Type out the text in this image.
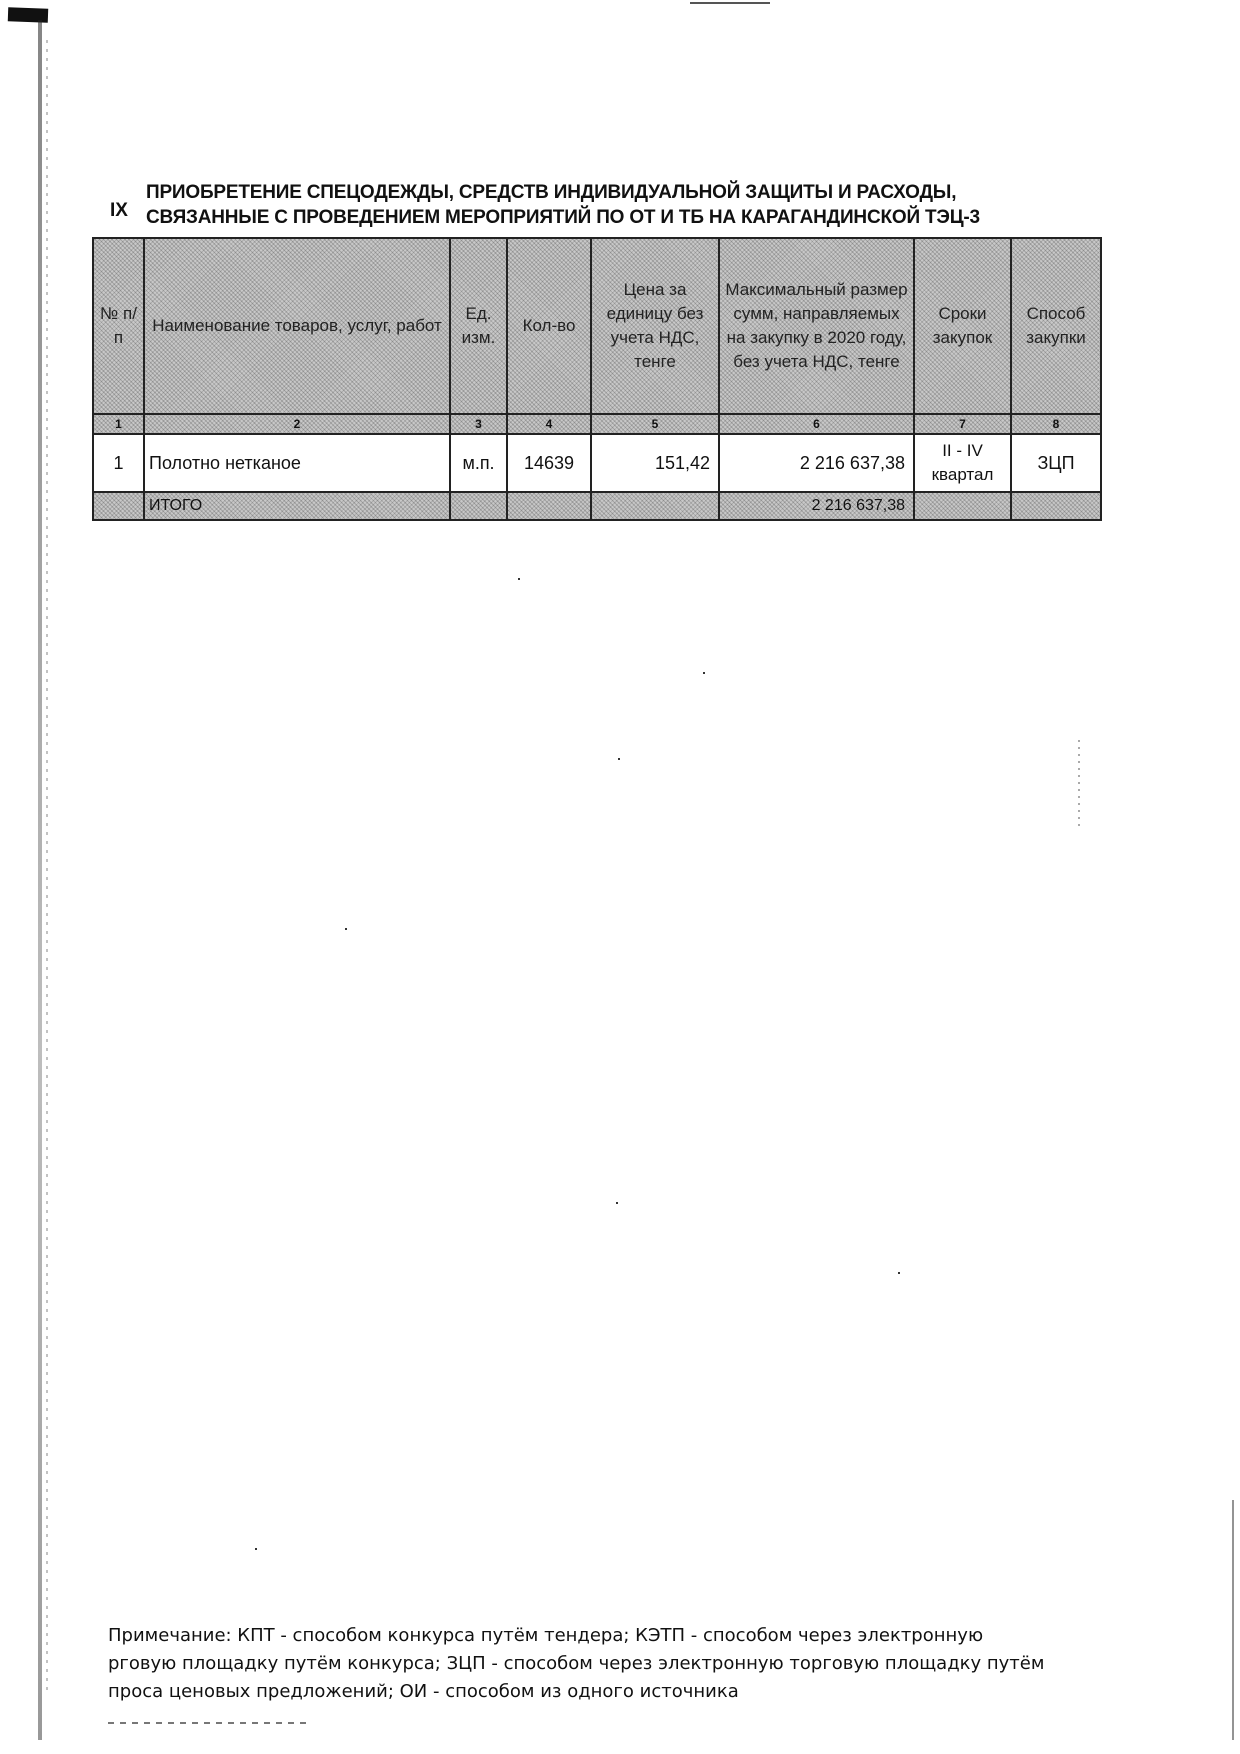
IX
ПРИОБРЕТЕНИЕ СПЕЦОДЕЖДЫ, СРЕДСТВ ИНДИВИДУАЛЬНОЙ ЗАЩИТЫ И РАСХОДЫ,
СВЯЗАННЫЕ С ПРОВЕДЕНИЕМ МЕРОПРИЯТИЙ ПО ОТ И ТБ НА КАРАГАНДИНСКОЙ ТЭЦ-3
№ п/п	Наименование товаров, услуг, работ	Ед. изм.	Кол-во	Цена за единицу без учета НДС, тенге	Максимальный размер сумм, направляемых на закупку в 2020 году, без учета НДС, тенге	Сроки закупок	Способ закупки
1	2	3	4	5	6	7	8
1	Полотно нетканое	м.п.	14639	151,42	2 216 637,38	II - IV квартал	ЗЦП
	ИТОГО				2 216 637,38		
Примечание: КПТ - способом конкурса путём тендера; КЭТП - способом через электронную
рговую площадку путём конкурса; ЗЦП - способом через электронную торговую площадку путём
проса ценовых предложений; ОИ - способом из одного источника
